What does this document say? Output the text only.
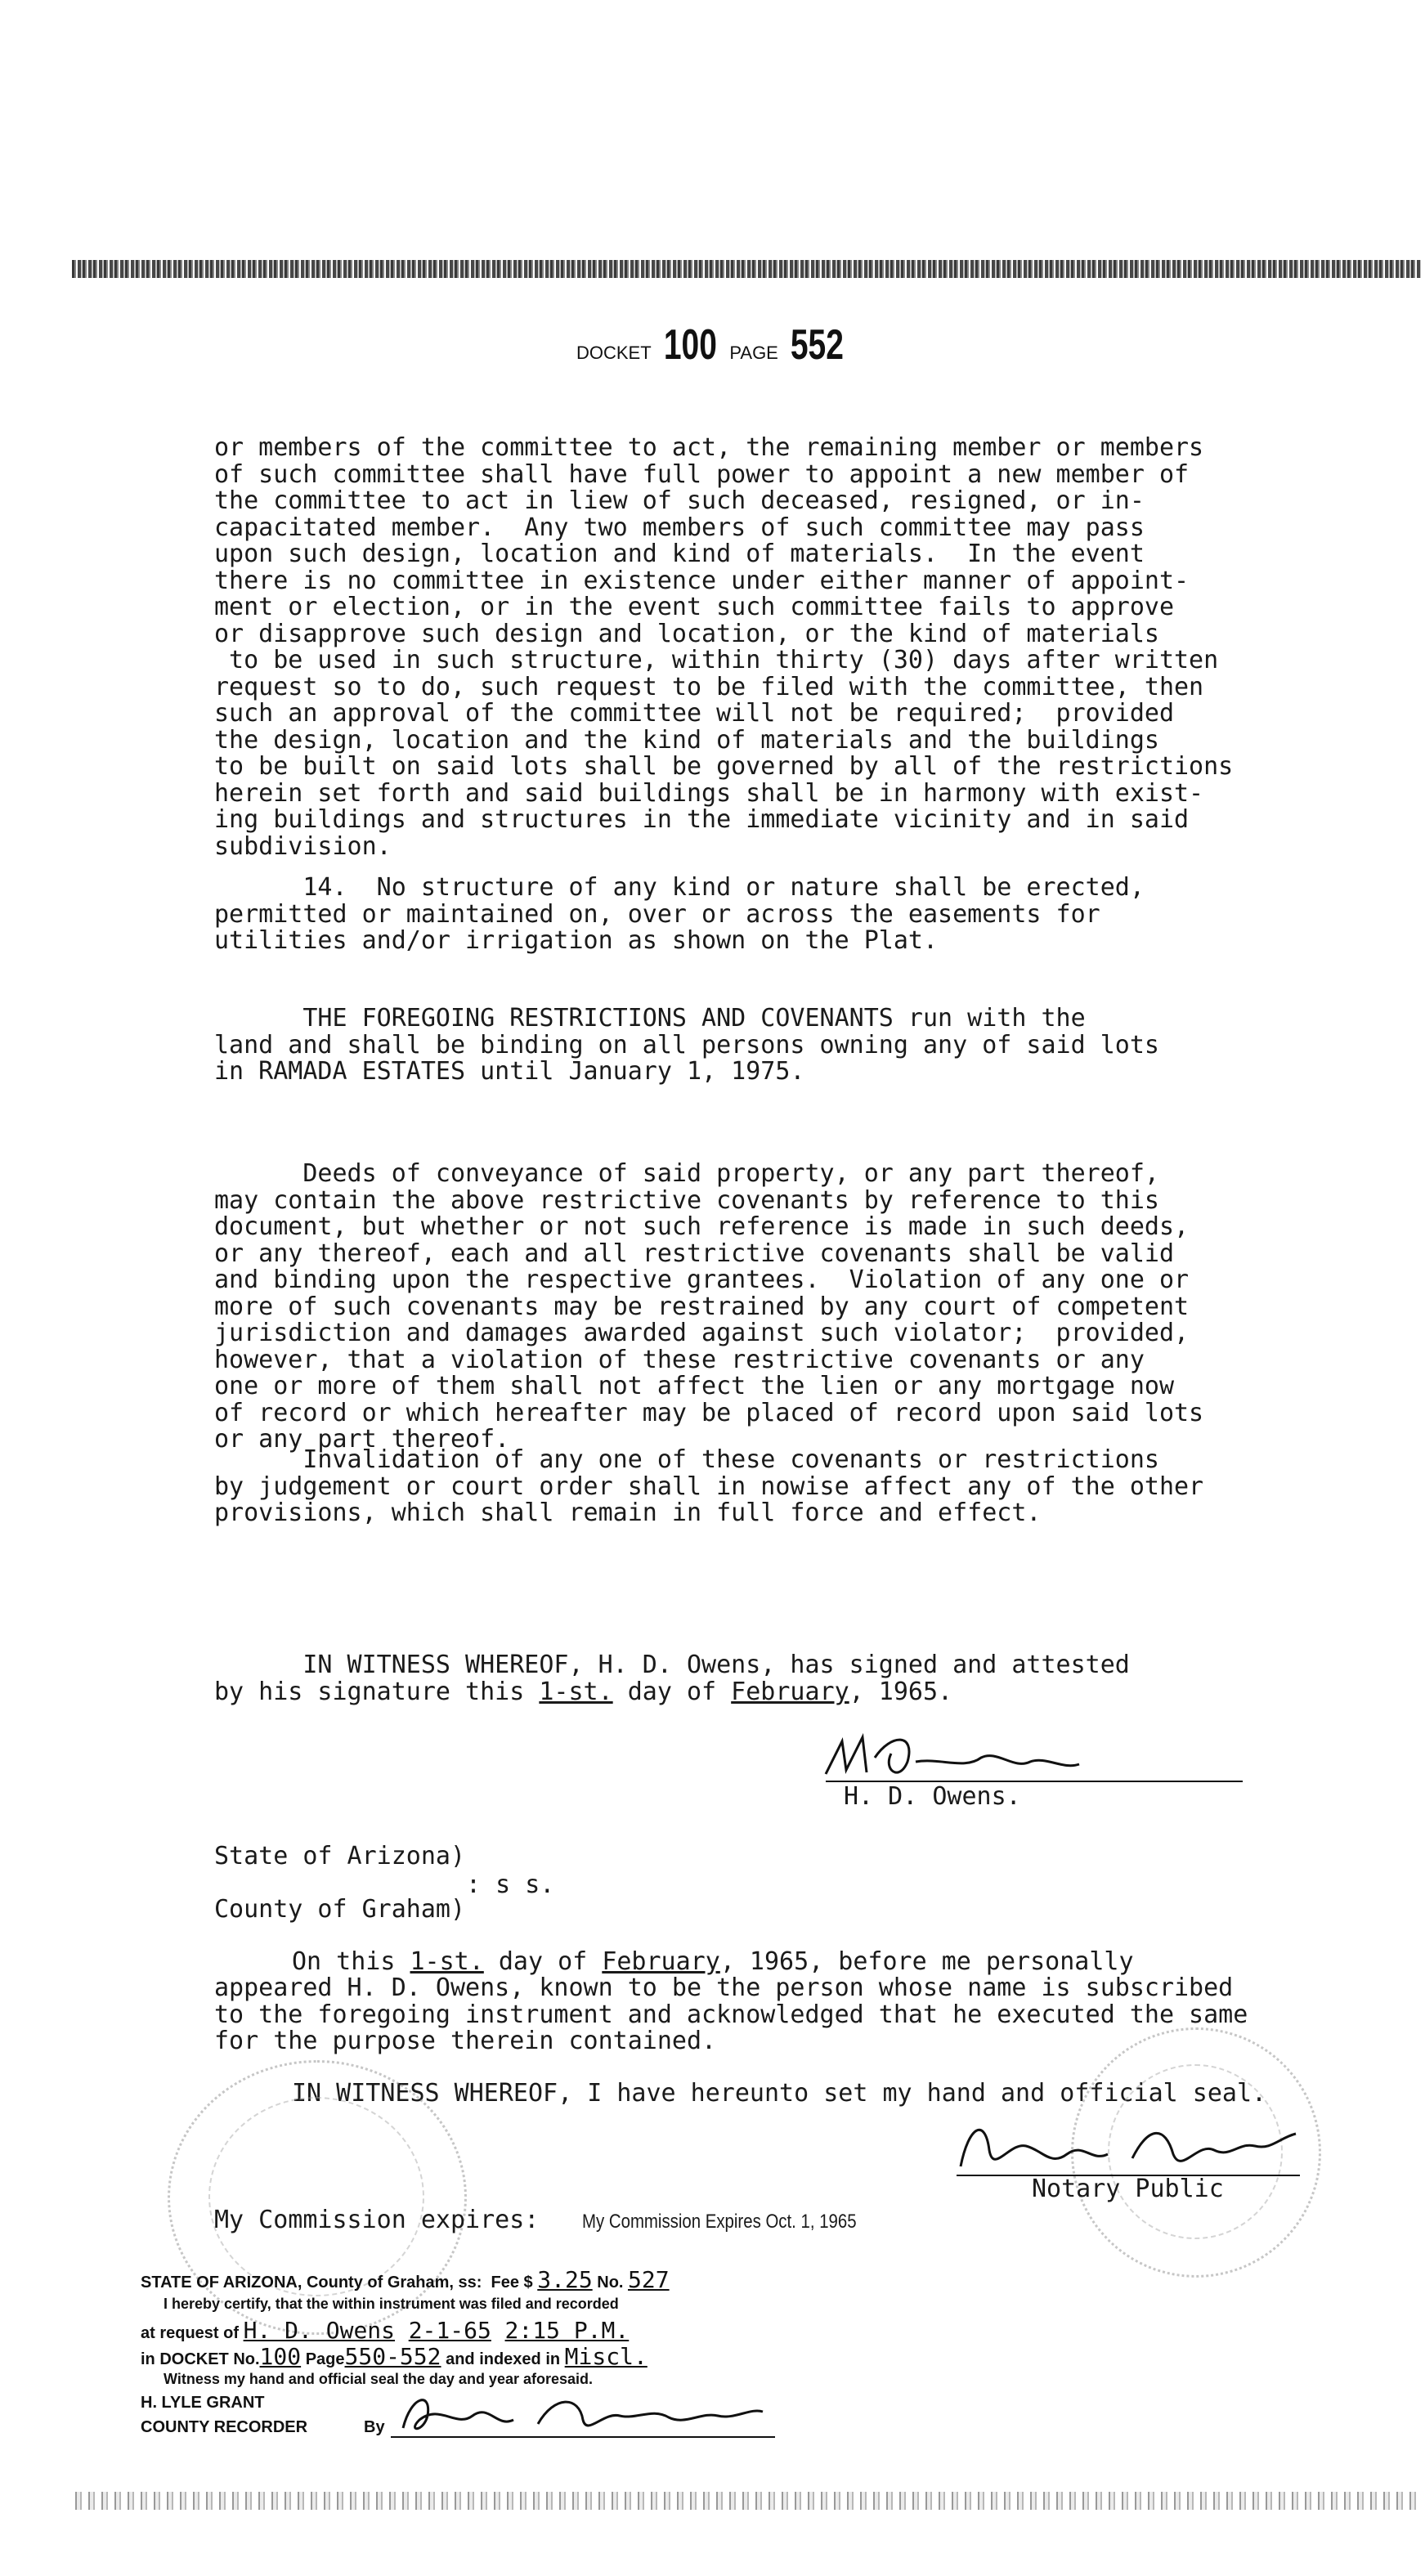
DOCKET 100 PAGE 552
or members of the committee to act, the remaining member or members
of such committee shall have full power to appoint a new member of
the committee to act in liew of such deceased, resigned, or in-
capacitated member.  Any two members of such committee may pass
upon such design, location and kind of materials.  In the event
there is no committee in existence under either manner of appoint-
ment or election, or in the event such committee fails to approve
or disapprove such design and location, or the kind of materials
to be used in such structure, within thirty (30) days after written
request so to do, such request to be filed with the committee, then
such an approval of the committee will not be required;  provided
the design, location and the kind of materials and the buildings
to be built on said lots shall be governed by all of the restrictions
herein set forth and said buildings shall be in harmony with exist-
ing buildings and structures in the immediate vicinity and in said
subdivision.
14.  No structure of any kind or nature shall be erected,
permitted or maintained on, over or across the easements for
utilities and/or irrigation as shown on the Plat.
THE FOREGOING RESTRICTIONS AND COVENANTS run with the
land and shall be binding on all persons owning any of said lots
in RAMADA ESTATES until January 1, 1975.
Deeds of conveyance of said property, or any part thereof,
may contain the above restrictive covenants by reference to this
document, but whether or not such reference is made in such deeds,
or any thereof, each and all restrictive covenants shall be valid
and binding upon the respective grantees.  Violation of any one or
more of such covenants may be restrained by any court of competent
jurisdiction and damages awarded against such violator;  provided,
however, that a violation of these restrictive covenants or any
one or more of them shall not affect the lien or any mortgage now
of record or which hereafter may be placed of record upon said lots
or any part thereof.
Invalidation of any one of these covenants or restrictions
by judgement or court order shall in nowise affect any of the other
provisions, which shall remain in full force and effect.
IN WITNESS WHEREOF, H. D. Owens, has signed and attested
by his signature this 1-st. day of February, 1965.
H. D. Owens.
State of Arizona)
: s s.
County of Graham)
On this 1-st. day of February, 1965, before me personally
appeared H. D. Owens, known to be the person whose name is subscribed
to the foregoing instrument and acknowledged that he executed the same
for the purpose therein contained.
IN WITNESS WHEREOF, I have hereunto set my hand and official seal.
Notary Public
My Commission expires: My Commission Expires Oct. 1, 1965
STATE OF ARIZONA, County of Graham, ss:  Fee $ 3.25 No. 527
I hereby certify, that the within instrument was filed and recorded
at request of H. D. Owens 2-1-65 2:15 P.M.
in DOCKET No.100 Page550-552 and indexed in Miscl.
Witness my hand and official seal the day and year aforesaid.
H. LYLE GRANT
COUNTY RECORDER	By
